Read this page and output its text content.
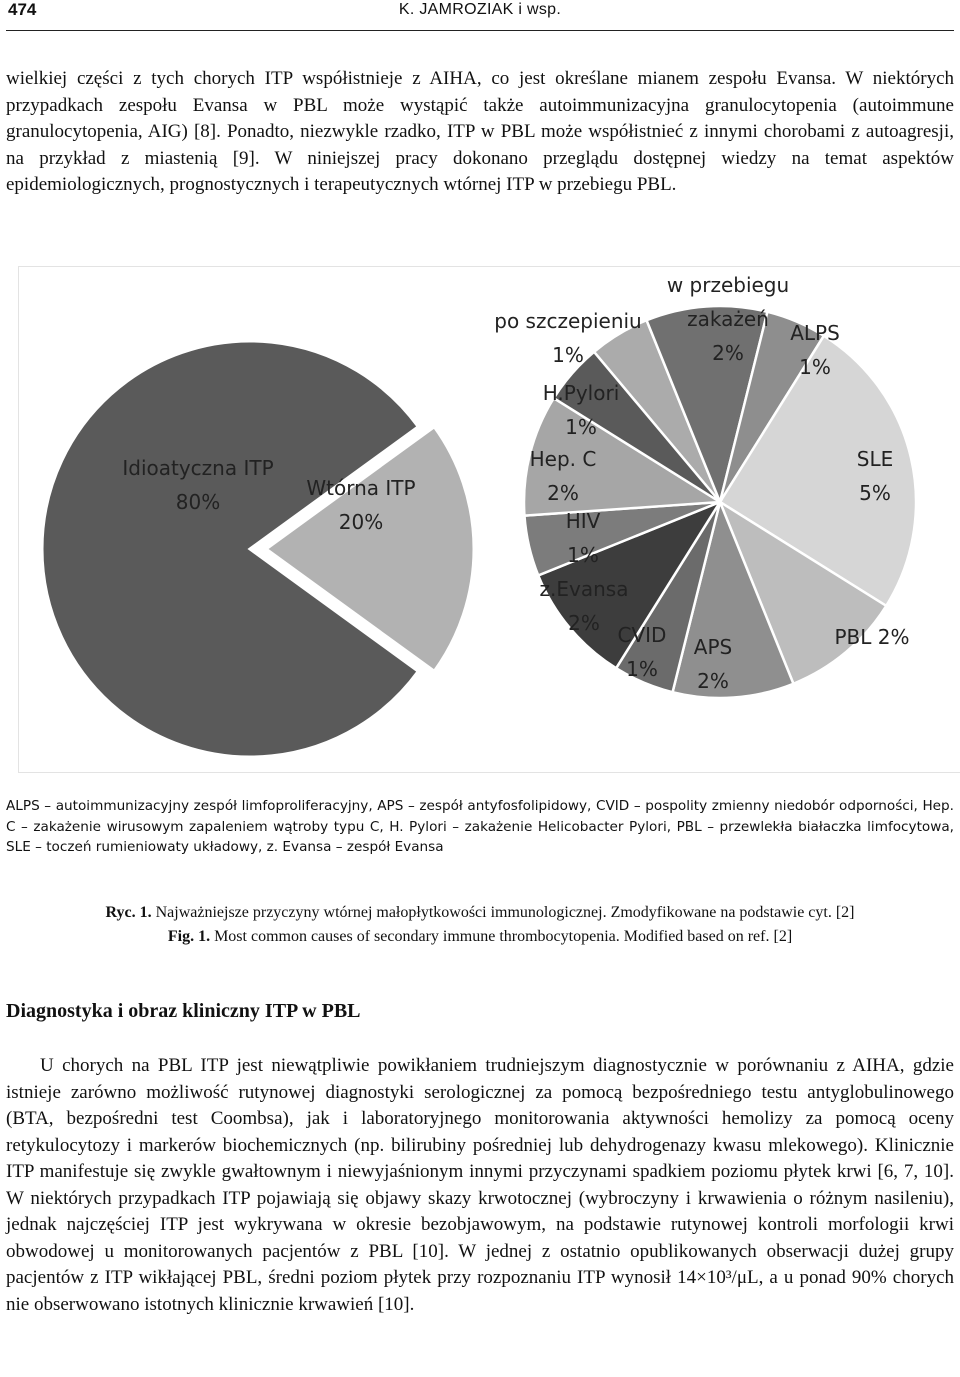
474	K. JAMROZIAK i wsp.

wielkiej części z tych chorych ITP współistnieje z AIHA, co jest określane mianem zespołu Evansa. W niektórych przypadkach zespołu Evansa w PBL może wystąpić także autoimmunizacyjna granulocytopenia (autoimmune granulocytopenia, AIG) [8]. Ponadto, niezwykle rzadko, ITP w PBL może współistnieć z innymi chorobami z autoagresji, na przykład z miastenią [9]. W niniejszej pracy dokonano przeglądu dostępnej wiedzy na temat aspektów epidemiologicznych, prognostycznych i terapeutycznych wtórnej ITP w przebiegu PBL.

Idioatyczna ITP 80%
Wtórna ITP 20%
po szczepieniu 1%
w przebiegu zakażeń 2%
ALPS 1%
SLE 5%
PBL 2%
APS 2%
CVID 1%
z.Evansa 2%
HIV 1%
Hep. C 2%
H.Pylori 1%

ALPS – autoimmunizacyjny zespół limfoproliferacyjny, APS – zespół antyfosfolipidowy, CVID – pospolity zmienny niedobór odporności, Hep. C – zakażenie wirusowym zapaleniem wątroby typu C, H. Pylori – zakażenie Helicobacter Pylori, PBL – przewlekła białaczka limfocytowa, SLE – toczeń rumieniowaty układowy, z. Evansa – zespół Evansa

Ryc. 1. Najważniejsze przyczyny wtórnej małopłytkowości immunologicznej. Zmodyfikowane na podstawie cyt. [2]

Fig. 1. Most common causes of secondary immune thrombocytopenia. Modified based on ref. [2]

Diagnostyka i obraz kliniczny ITP w PBL

U chorych na PBL ITP jest niewątpliwie powikłaniem trudniejszym diagnostycznie w porównaniu z AIHA, gdzie istnieje zarówno możliwość rutynowej diagnostyki serologicznej za pomocą bezpośredniego testu antyglobulinowego (BTA, bezpośredni test Coombsa), jak i laboratoryjnego monitorowania aktywności hemolizy za pomocą oceny retykulocytozy i markerów biochemicznych (np. bilirubiny pośredniej lub dehydrogenazy kwasu mlekowego). Klinicznie ITP manifestuje się zwykle gwałtownym i niewyjaśnionym innymi przyczynami spadkiem poziomu płytek krwi [6, 7, 10]. W niektórych przypadkach ITP pojawiają się objawy skazy krwotocznej (wybroczyny i krwawienia o różnym nasileniu), jednak najczęściej ITP jest wykrywana w okresie bezobjawowym, na podstawie rutynowej kontroli morfologii krwi obwodowej u monitorowanych pacjentów z PBL [10]. W jednej z ostatnio opublikowanych obserwacji dużej grupy pacjentów z ITP wikłającej PBL, średni poziom płytek przy rozpoznaniu ITP wynosił 14×10³/μL, a u ponad 90% chorych nie obserwowano istotnych klinicznie krwawień [10].
